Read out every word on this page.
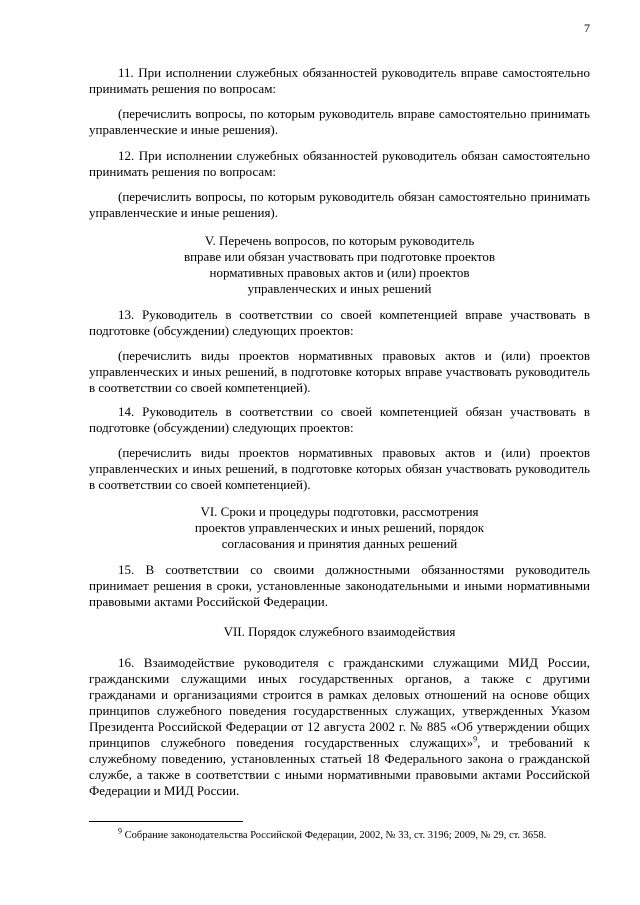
7

11. При исполнении служебных обязанностей руководитель вправе самостоятельно принимать решения по вопросам:

(перечислить вопросы, по которым руководитель вправе самостоятельно принимать управленческие и иные решения).

12. При исполнении служебных обязанностей руководитель обязан самостоятельно принимать решения по вопросам:

(перечислить вопросы, по которым руководитель обязан самостоятельно принимать управленческие и иные решения).

V. Перечень вопросов, по которым руководитель
вправе или обязан участвовать при подготовке проектов
нормативных правовых актов и (или) проектов
управленческих и иных решений

13. Руководитель в соответствии со своей компетенцией вправе участвовать в подготовке (обсуждении) следующих проектов:

(перечислить виды проектов нормативных правовых актов и (или) проектов управленческих и иных решений, в подготовке которых вправе участвовать руководитель в соответствии со своей компетенцией).

14. Руководитель в соответствии со своей компетенцией обязан участвовать в подготовке (обсуждении) следующих проектов:

(перечислить виды проектов нормативных правовых актов и (или) проектов управленческих и иных решений, в подготовке которых обязан участвовать руководитель в соответствии со своей компетенцией).

VI. Сроки и процедуры подготовки, рассмотрения
проектов управленческих и иных решений, порядок
согласования и принятия данных решений

15. В соответствии со своими должностными обязанностями руководитель принимает решения в сроки, установленные законодательными и иными нормативными правовыми актами Российской Федерации.

VII. Порядок служебного взаимодействия

16. Взаимодействие руководителя с гражданскими служащими МИД России, гражданскими служащими иных государственных органов, а также с другими гражданами и организациями строится в рамках деловых отношений на основе общих принципов служебного поведения государственных служащих, утвержденных Указом Президента Российской Федерации от 12 августа 2002 г. № 885 «Об утверждении общих принципов служебного поведения государственных служащих»$^9$, и требований к служебному поведению, установленных статьей 18 Федерального закона о гражданской службе, а также в соответствии с иными нормативными правовыми актами Российской Федерации и МИД России.

$^9$ Собрание законодательства Российской Федерации, 2002, № 33, ст. 3196; 2009, № 29, ст. 3658.
